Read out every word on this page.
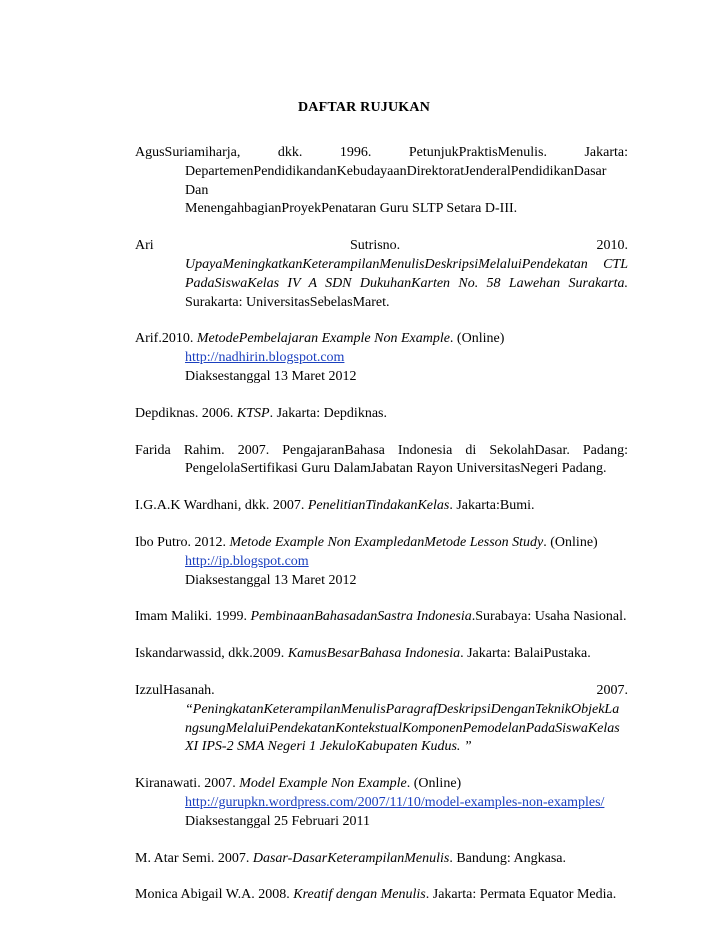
DAFTAR RUJUKAN
AgusSuriamiharja, dkk. 1996. PetunjukPraktisMenulis. Jakarta:
DepartemenPendidikandanKebudayaanDirektoratJenderalPendidikanDasar Dan
MenengahbagianProyekPenataran Guru SLTP Setara D-III.
Ari Sutrisno. 2010.
UpayaMeningkatkanKeterampilanMenulisDeskripsiMelaluiPendekatan CTL
PadaSiswaKelas IV A SDN DukuhanKarten No. 58 Lawehan Surakarta.
Surakarta: UniversitasSebelasMaret.
Arif.2010. MetodePembelajaran Example Non Example. (Online)
http://nadhirin.blogspot.com
Diaksestanggal 13 Maret 2012
Depdiknas. 2006. KTSP. Jakarta: Depdiknas.
Farida Rahim. 2007. PengajaranBahasa Indonesia di SekolahDasar. Padang:
PengelolaSertifikasi Guru DalamJabatan Rayon UniversitasNegeri Padang.
I.G.A.K Wardhani, dkk. 2007. PenelitianTindakanKelas. Jakarta:Bumi.
Ibo Putro. 2012. Metode Example Non ExampledanMetode Lesson Study. (Online)
http://ip.blogspot.com
Diaksestanggal 13 Maret 2012
Imam Maliki. 1999. PembinaanBahasadanSastra Indonesia.Surabaya: Usaha Nasional.
Iskandarwassid, dkk.2009. KamusBesarBahasa Indonesia. Jakarta: BalaiPustaka.
IzzulHasanah. 2007.
“PeningkatanKeterampilanMenulisParagrafDeskripsiDenganTeknikObjekLa
ngsungMelaluiPendekatanKontekstualKomponenPemodelanPadaSiswaKelas
XI IPS-2 SMA Negeri 1 JekuloKabupaten Kudus. ”
Kiranawati. 2007. Model Example Non Example. (Online)
http://gurupkn.wordpress.com/2007/11/10/model-examples-non-examples/
Diaksestanggal 25 Februari 2011
M. Atar Semi. 2007. Dasar-DasarKeterampilanMenulis. Bandung: Angkasa.
Monica Abigail W.A. 2008. Kreatif dengan Menulis. Jakarta: Permata Equator Media.
